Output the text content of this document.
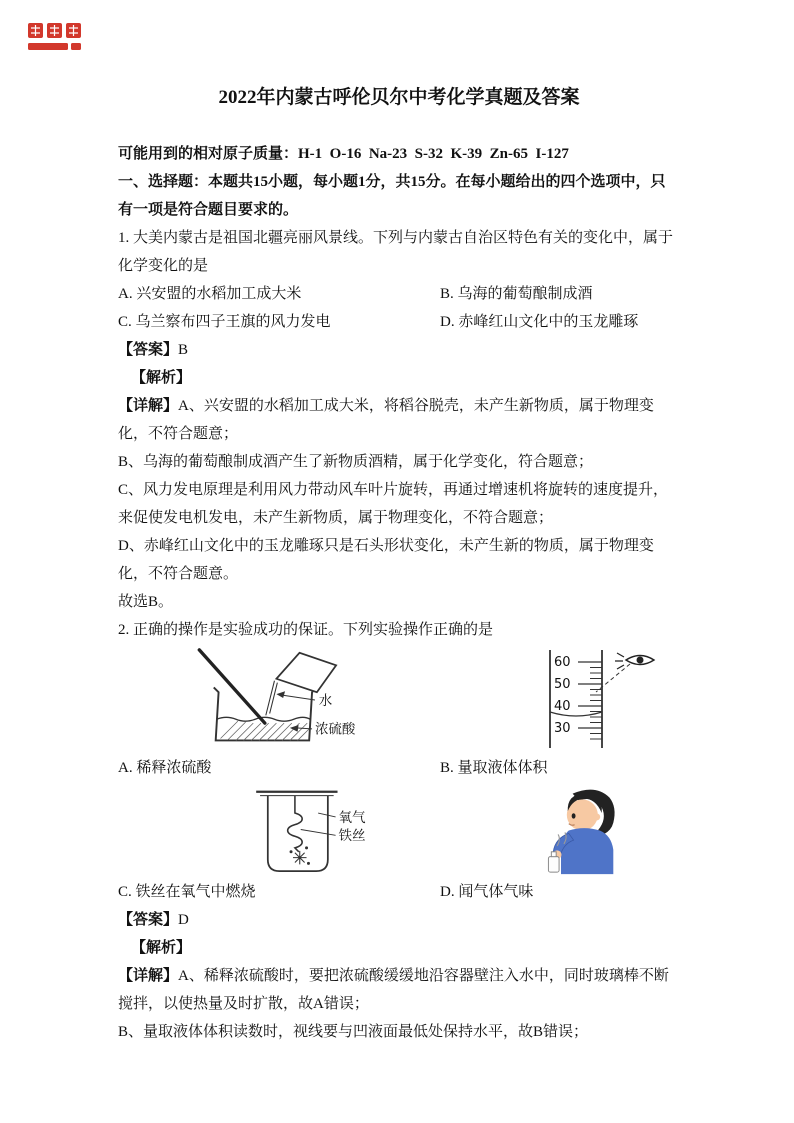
2022年内蒙古呼伦贝尔中考化学真题及答案

可能用到的相对原子质量：H-1  O-16  Na-23  S-32  K-39  Zn-65  I-127

一、选择题：本题共15小题，每小题1分，共15分。在每小题给出的四个选项中，只有一项是符合题目要求的。

1. 大美内蒙古是祖国北疆亮丽风景线。下列与内蒙古自治区特色有关的变化中，属于化学变化的是

A. 兴安盟的水稻加工成大米	B. 乌海的葡萄酿制成酒
C. 乌兰察布四子王旗的风力发电	D. 赤峰红山文化中的玉龙雕琢

【答案】B

【解析】

【详解】A、兴安盟的水稻加工成大米，将稻谷脱壳，未产生新物质，属于物理变化，不符合题意；

B、乌海的葡萄酿制成酒产生了新物质酒精，属于化学变化，符合题意；

C、风力发电原理是利用风力带动风车叶片旋转，再通过增速机将旋转的速度提升，来促使发电机发电，未产生新物质，属于物理变化，不符合题意；

D、赤峰红山文化中的玉龙雕琢只是石头形状变化，未产生新的物质，属于物理变化，不符合题意。

故选B。

2. 正确的操作是实验成功的保证。下列实验操作正确的是

水
浓硫酸
60
50
40
30
A. 稀释浓硫酸	B. 量取液体体积
氧气
铁丝
C. 铁丝在氧气中燃烧	D. 闻气体气味

【答案】D

【解析】

【详解】A、稀释浓硫酸时，要把浓硫酸缓缓地沿容器壁注入水中，同时玻璃棒不断搅拌，以使热量及时扩散，故A错误；

B、量取液体体积读数时，视线要与凹液面最低处保持水平，故B错误；
